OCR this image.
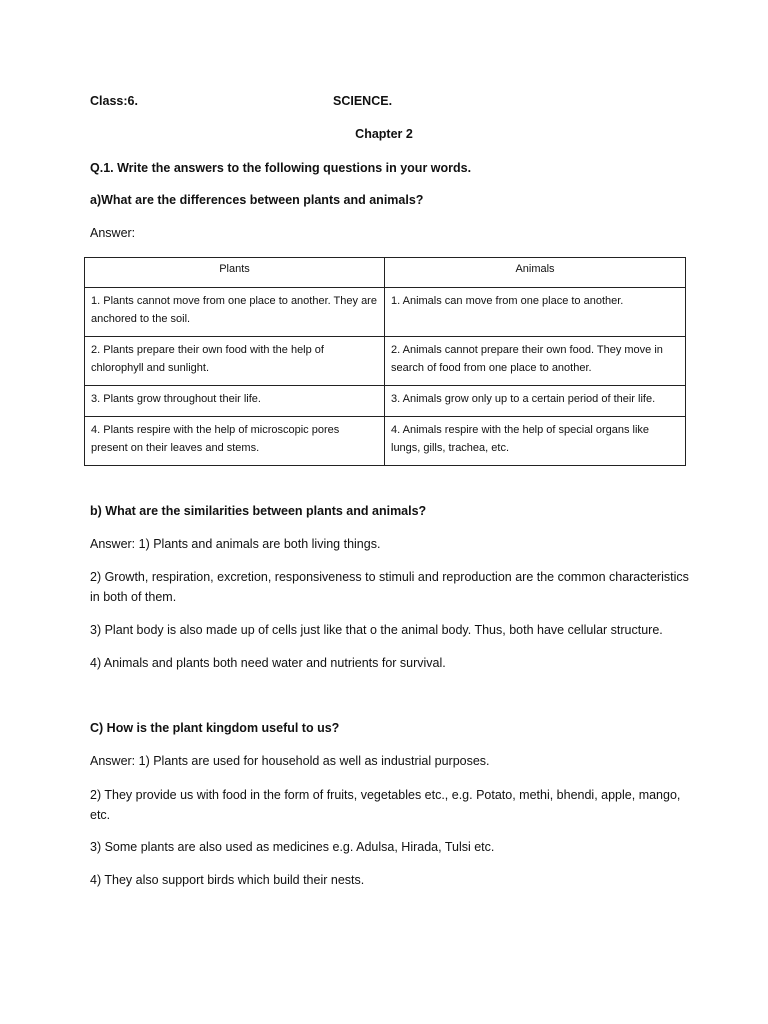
Class:6.	SCIENCE.
Chapter 2
Q.1. Write the answers to the following questions in your words.
a)What are the differences between plants and animals?
Answer:
Plants	Animals
1. Plants cannot move from one place to another. They are anchored to the soil.	1. Animals can move from one place to another.
2. Plants prepare their own food with the help of chlorophyll and sunlight.	2. Animals cannot prepare their own food. They move in search of food from one place to another.
3. Plants grow throughout their life.	3. Animals grow only up to a certain period of their life.
4. Plants respire with the help of microscopic pores present on their leaves and stems.	4. Animals respire with the help of special organs like lungs, gills, trachea, etc.
b) What are the similarities between plants and animals?
Answer: 1) Plants and animals are both living things.
2) Growth, respiration, excretion, responsiveness to stimuli and reproduction are the common characteristics in both of them.
3) Plant body is also made up of cells just like that o the animal body. Thus, both have cellular structure.
4) Animals and plants both need water and nutrients for survival.
C) How is the plant kingdom useful to us?
Answer: 1) Plants are used for household as well as industrial purposes.
2) They provide us with food in the form of fruits, vegetables etc., e.g. Potato, methi, bhendi, apple, mango, etc.
3) Some plants are also used as medicines e.g. Adulsa, Hirada, Tulsi etc.
4) They also support birds which build their nests.
